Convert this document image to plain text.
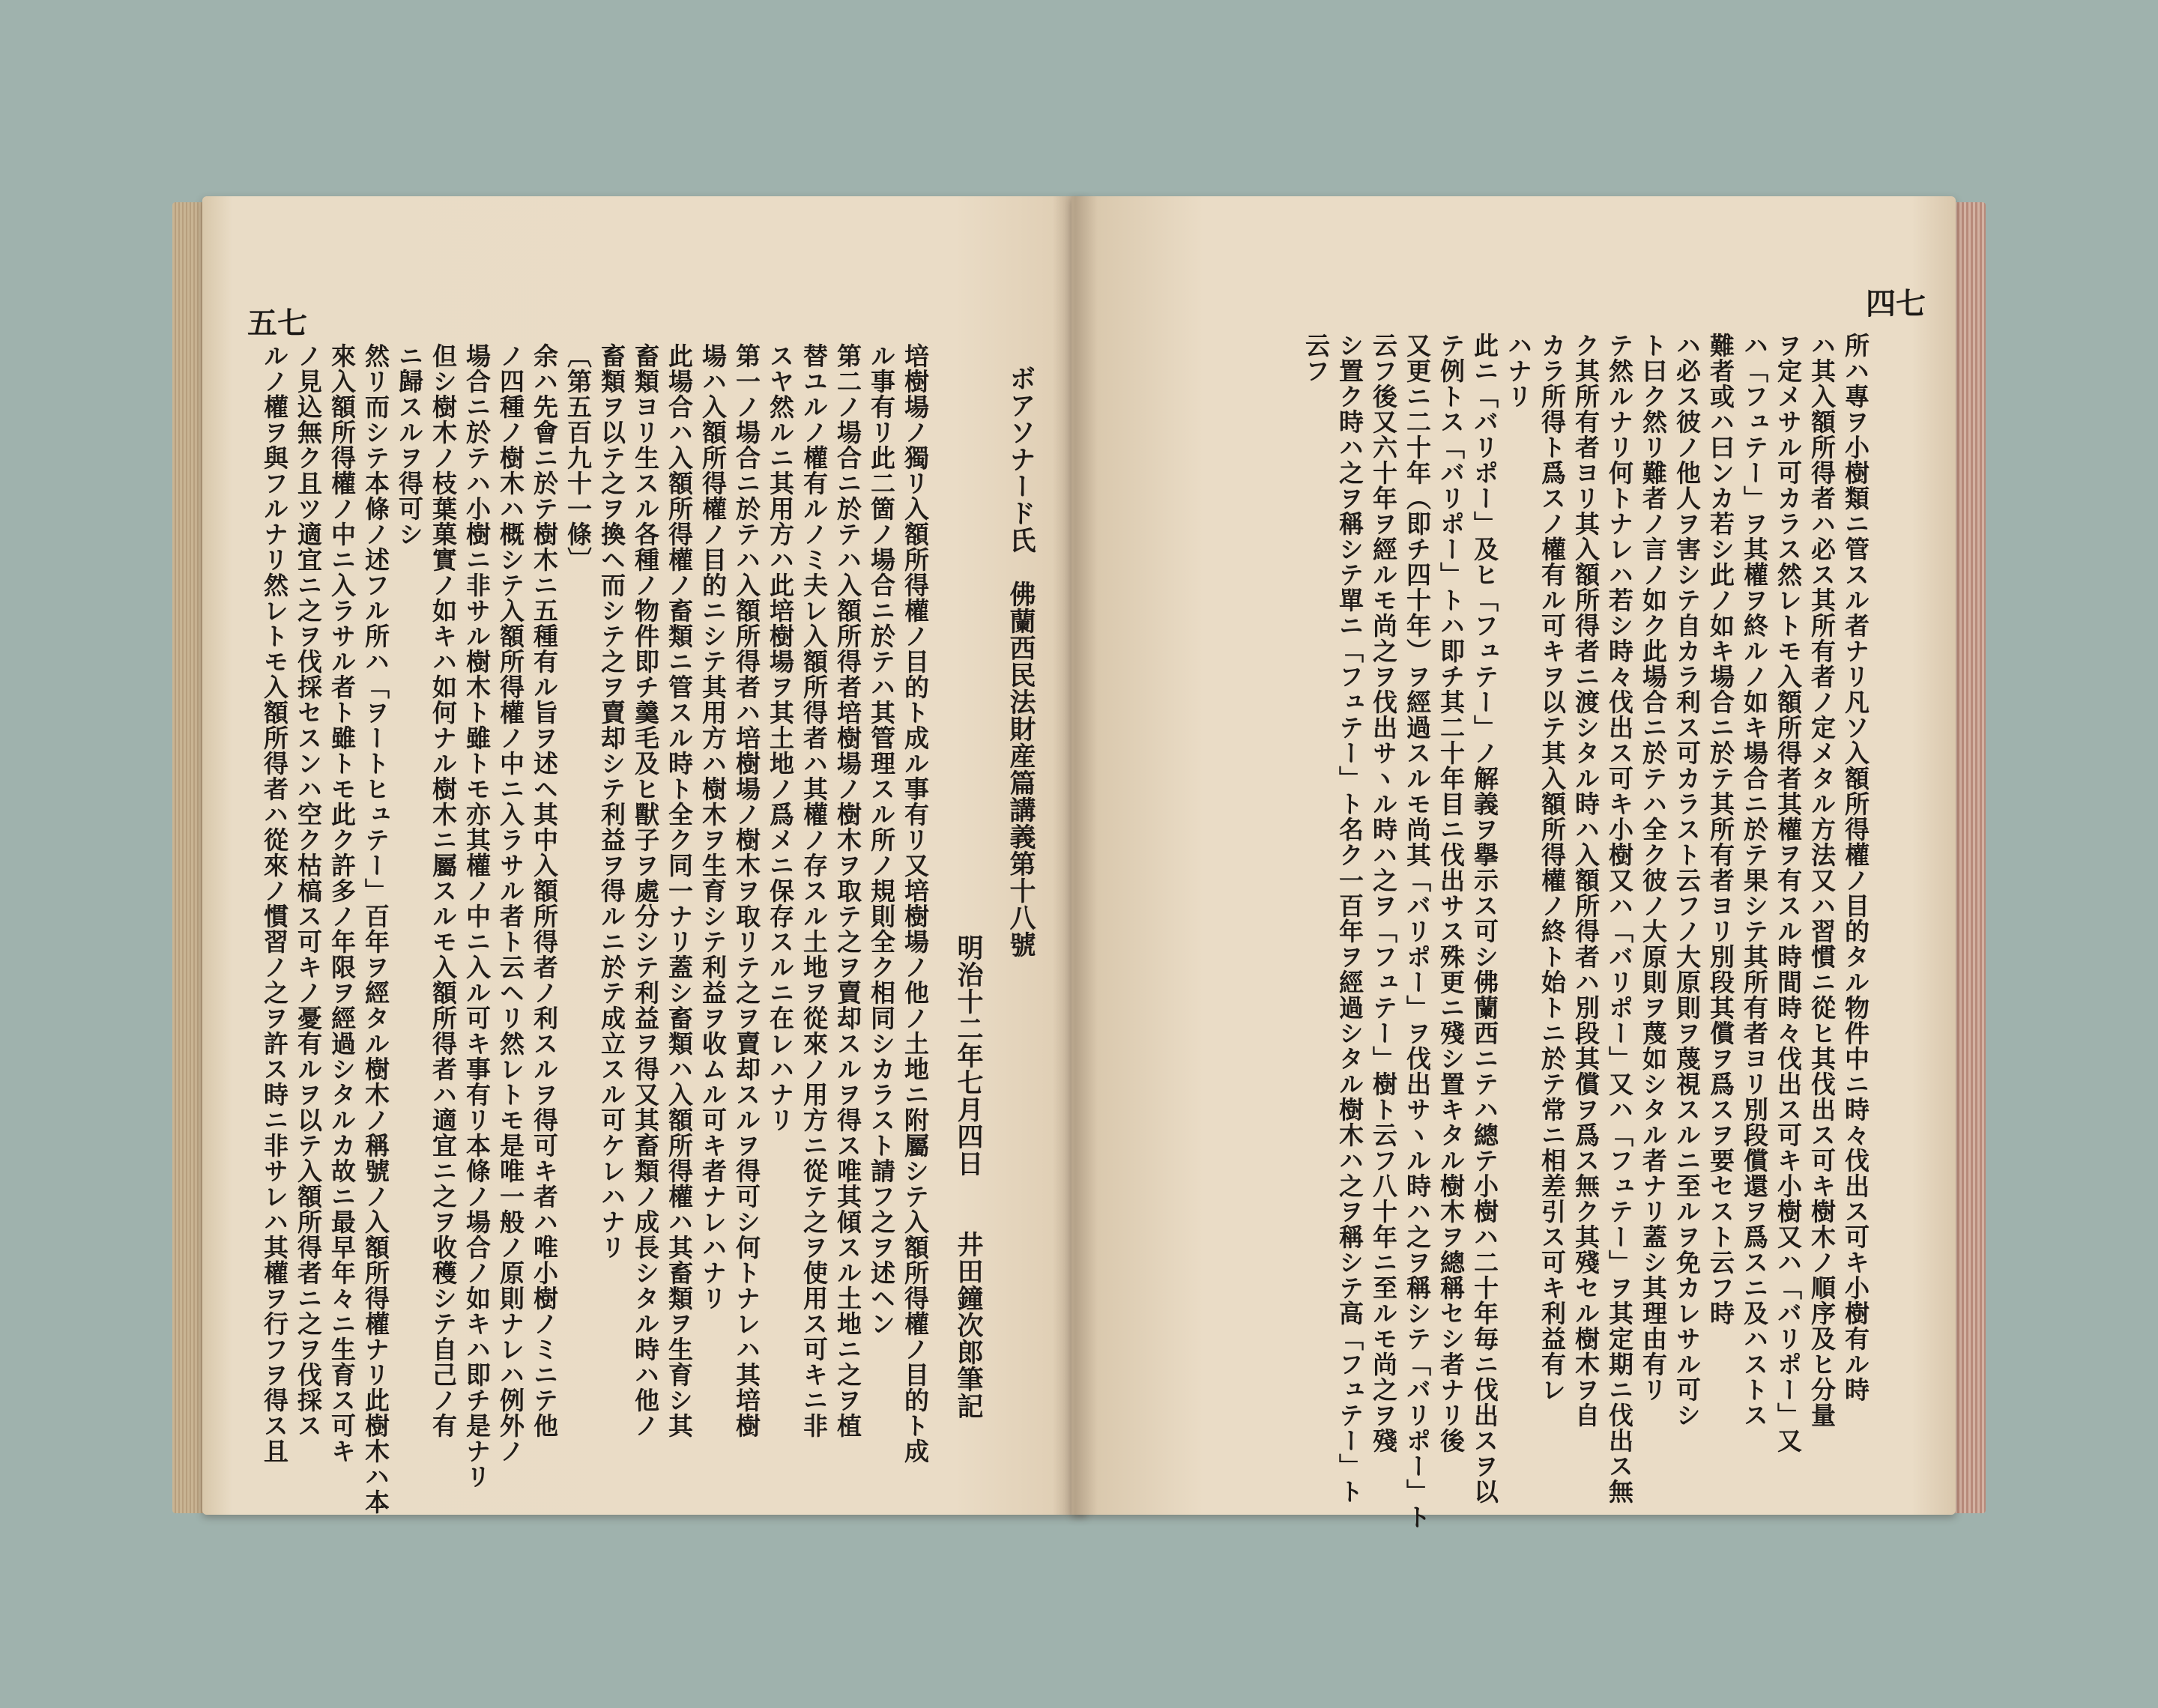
五七
ボアソナード氏　佛蘭西民法財産篇講義第十八號
明治十二年七月四日　　井田鐘次郎筆記
培樹場ノ獨リ入額所得權ノ目的ト成ル事有リ又培樹場ノ他ノ土地ニ附屬シテ入額所得權ノ目的ト成
ル事有リ此二箇ノ場合ニ於テハ其管理スル所ノ規則全ク相同シカラスト請フ之ヲ述ヘン
第二ノ場合ニ於テハ入額所得者培樹場ノ樹木ヲ取テ之ヲ賣却スルヲ得ス唯其傾スル土地ニ之ヲ植
替ユルノ權有ルノミ夫レ入額所得者ハ其權ノ存スル土地ヲ從來ノ用方ニ從テ之ヲ使用ス可キニ非
スヤ然ルニ其用方ハ此培樹場ヲ其土地ノ爲メニ保存スルニ在レハナリ
第一ノ場合ニ於テハ入額所得者ハ培樹場ノ樹木ヲ取リテ之ヲ賣却スルヲ得可シ何トナレハ其培樹
場ハ入額所得權ノ目的ニシテ其用方ハ樹木ヲ生育シテ利益ヲ收ムル可キ者ナレハナリ
此場合ハ入額所得權ノ畜類ニ管スル時ト全ク同一ナリ蓋シ畜類ハ入額所得權ハ其畜類ヲ生育シ其
畜類ヨリ生スル各種ノ物件即チ羹毛及ヒ獸子ヲ處分シテ利益ヲ得又其畜類ノ成長シタル時ハ他ノ
畜類ヲ以テ之ヲ換ヘ而シテ之ヲ賣却シテ利益ヲ得ルニ於テ成立スル可ケレハナリ
〔第五百九十一條〕
余ハ先會ニ於テ樹木ニ五種有ル旨ヲ述ヘ其中入額所得者ノ利スルヲ得可キ者ハ唯小樹ノミニテ他
ノ四種ノ樹木ハ概シテ入額所得權ノ中ニ入ラサル者ト云ヘリ然レトモ是唯一般ノ原則ナレハ例外ノ
場合ニ於テハ小樹ニ非サル樹木ト雖トモ亦其權ノ中ニ入ル可キ事有リ本條ノ場合ノ如キハ即チ是ナリ
但シ樹木ノ枝葉菓實ノ如キハ如何ナル樹木ニ屬スルモ入額所得者ハ適宜ニ之ヲ收穫シテ自己ノ有
ニ歸スルヲ得可シ
然リ而シテ本條ノ述フル所ハ「ヲートヒュテー」百年ヲ經タル樹木ノ稱號ノ入額所得權ナリ此樹木ハ本
來入額所得權ノ中ニ入ラサル者ト雖トモ此ク許多ノ年限ヲ經過シタルカ故ニ最早年々ニ生育ス可キ
ノ見込無ク且ツ適宜ニ之ヲ伐採セスンハ空ク枯槁ス可キノ憂有ルヲ以テ入額所得者ニ之ヲ伐採ス
ルノ權ヲ與フルナリ然レトモ入額所得者ハ從來ノ慣習ノ之ヲ許ス時ニ非サレハ其權ヲ行フヲ得ス且
四七
所ハ專ヲ小樹類ニ管スル者ナリ凡ソ入額所得權ノ目的タル物件中ニ時々伐出ス可キ小樹有ル時
ハ其入額所得者ハ必ス其所有者ノ定メタル方法又ハ習慣ニ從ヒ其伐出ス可キ樹木ノ順序及ヒ分量
ヲ定メサル可カラス然レトモ入額所得者其權ヲ有スル時間時々伐出ス可キ小樹又ハ「バリポー」又
ハ「フュテー」ヲ其權ヲ終ルノ如キ場合ニ於テ果シテ其所有者ヨリ別段償還ヲ爲スニ及ハストス
難者或ハ曰ンカ若シ此ノ如キ場合ニ於テ其所有者ヨリ別段其償ヲ爲スヲ要セスト云フ時
ハ必ス彼ノ他人ヲ害シテ自カラ利ス可カラスト云フノ大原則ヲ蔑視スルニ至ルヲ免カレサル可シ
ト曰ク然リ難者ノ言ノ如ク此場合ニ於テハ全ク彼ノ大原則ヲ蔑如シタル者ナリ蓋シ其理由有リ
テ然ルナリ何トナレハ若シ時々伐出ス可キ小樹又ハ「バリポー」又ハ「フュテー」ヲ其定期ニ伐出ス無
ク其所有者ヨリ其入額所得者ニ渡シタル時ハ入額所得者ハ別段其償ヲ爲ス無ク其殘セル樹木ヲ自
カラ所得ト爲スノ權有ル可キヲ以テ其入額所得權ノ終ト始トニ於テ常ニ相差引ス可キ利益有レ
ハナリ
此ニ「バリポー」及ヒ「フュテー」ノ解義ヲ擧示ス可シ佛蘭西ニテハ總テ小樹ハ二十年毎ニ伐出スヲ以
テ例トス「バリポー」トハ即チ其二十年目ニ伐出サス殊更ニ殘シ置キタル樹木ヲ總稱セシ者ナリ後
又更ニ二十年（即チ四十年）ヲ經過スルモ尚其「バリポー」ヲ伐出サヽル時ハ之ヲ稱シテ「バリポー」ト
云フ後又六十年ヲ經ルモ尚之ヲ伐出サヽル時ハ之ヲ「フュテー」樹ト云フ八十年ニ至ルモ尚之ヲ殘
シ置ク時ハ之ヲ稱シテ單ニ「フュテー」ト名ク一百年ヲ經過シタル樹木ハ之ヲ稱シテ高「フュテー」ト
云フ
